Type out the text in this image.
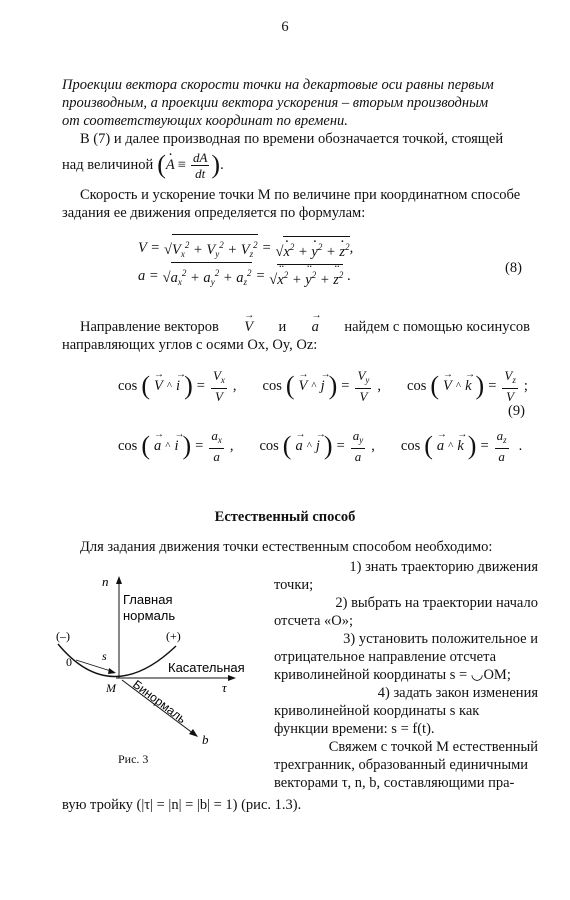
6
Проекции вектора скорости точки на декартовые оси равны первым
производным, а проекции вектора ускорения – вторым производным
от соответствующих координат по времени.
В (7) и далее производная по времени обозначается точкой, стоящей
над величиной ( · $A \equiv \frac{dA}{dt}$ ) .
Скорость и ускорение точки M по величине при координатном способе
задания ее движения определяется по формулам:
$V = √V_x^2 + V_y^2 + V_z^2$ = √· $x^2$ + · $y^2$ + · $z^2$ ,
$a = √a_x^2 + a_y^2 + a_z^2$ = √¨ $x^2$ + ¨ $y^2$ + ¨ $z^2$ .	(8)
Направление векторов → V и → a найдем с помощью косинусов
направляющих углов с осями Ox, Oy, Oz:
cos ( → V ^ → i ) = $\frac{V_x}{V}$ , cos ( → V ^ → j ) = $\frac{V_y}{V}$ , cos ( → V ^ → k ) = $\frac{V_z}{V}$ ;
(9)
cos ( → a ^ → i ) = $\frac{a_x}{a}$ , cos ( → a ^ → j ) = $\frac{a_y}{a}$ , cos ( → a ^ → k ) = $\frac{a_z}{a}$ .
Естественный способ
Для задания движения точки естественным способом необходимо:
1) знать траекторию движения
точки;
2) выбрать на траектории начало
отсчета «О»;
3) установить положительное и
отрицательное направление отсчета
криволинейной координаты s = ◡OM;
4) задать закон изменения
криволинейной координаты s как
функции времени: s = f(t).
Свяжем с точкой M естественный
трехгранник, образованный единичными
векторами τ, n, b, составляющими пра-
вую тройку (|τ| = |n| = |b| = 1) (рис. 1.3).
n
Главная
нормаль
(–)	(+)
0	s
Касательная
M	τ
Бинормаль
b
Рис. 3
